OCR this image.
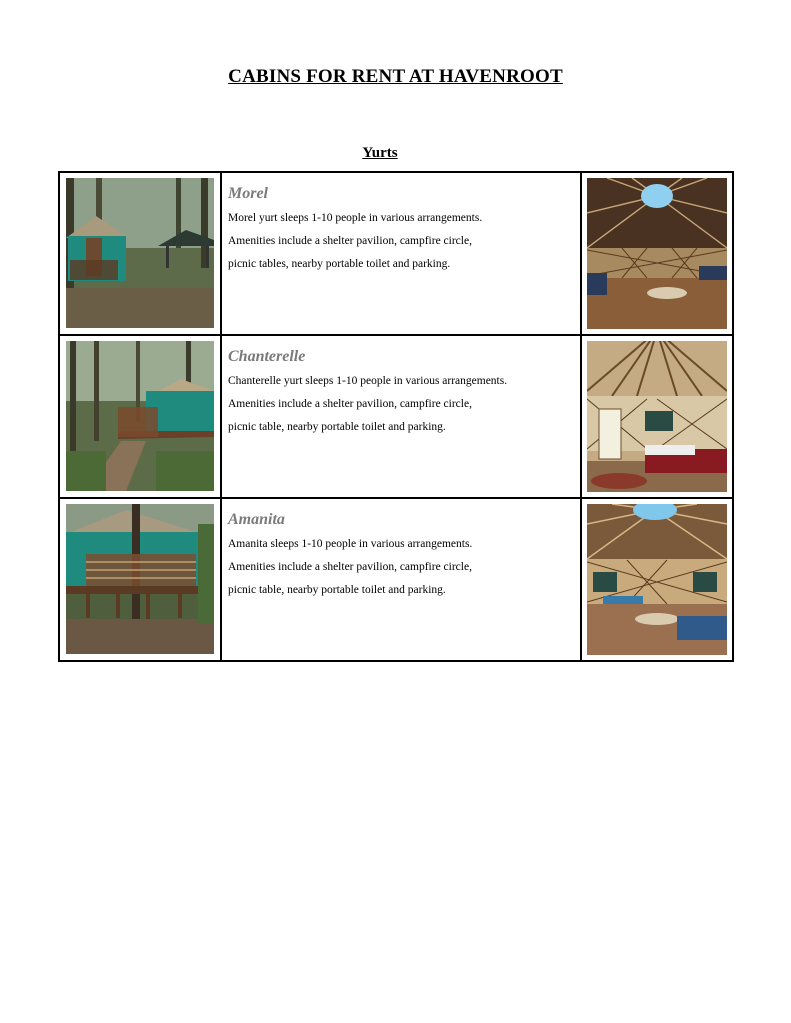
CABINS FOR RENT AT HAVENROOT
Yurts

Morel
Morel yurt sleeps 1-10 people in various arrangements.
Amenities include a shelter pavilion, campfire circle,
picnic tables, nearby portable toilet and parking.

Chanterelle
Chanterelle yurt sleeps 1-10 people in various arrangements.
Amenities include a shelter pavilion, campfire circle,
picnic table, nearby portable toilet and parking.

Amanita
Amanita sleeps 1-10 people in various arrangements.
Amenities include a shelter pavilion, campfire circle,
picnic table, nearby portable toilet and parking.
